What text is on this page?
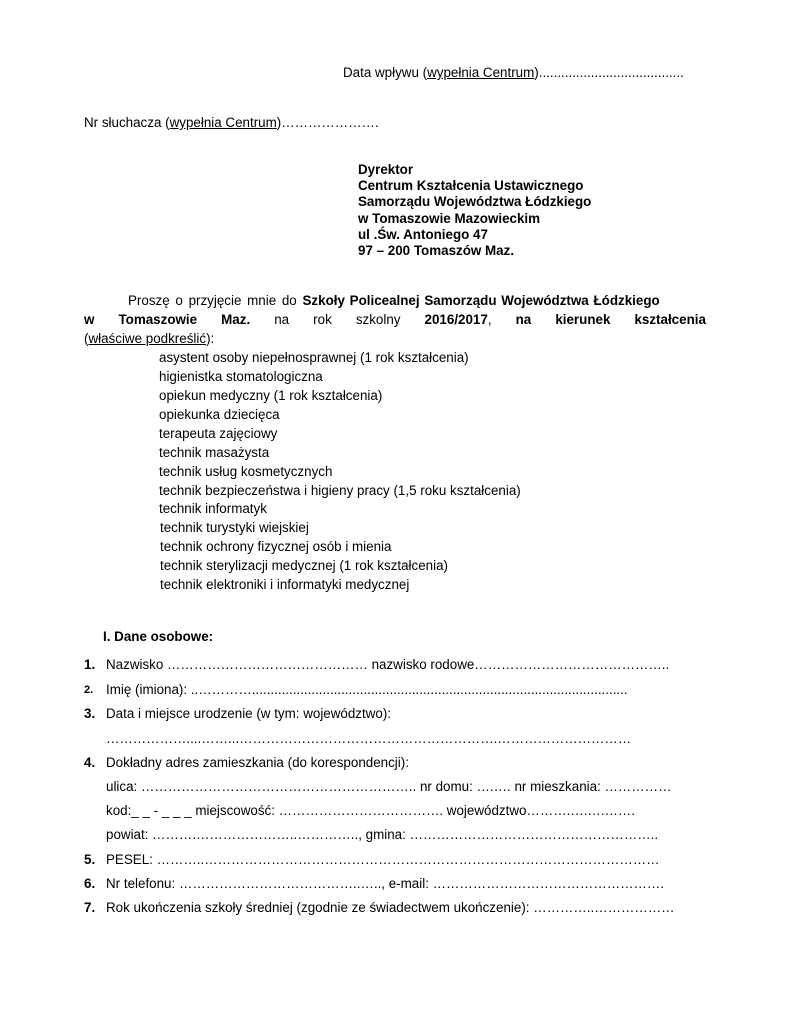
Data wpływu (wypełnia Centrum).......................................
Nr słuchacza (wypełnia Centrum)………………….
Dyrektor
Centrum Kształcenia Ustawicznego
Samorządu Województwa Łódzkiego
w Tomaszowie Mazowieckim
ul .Św. Antoniego 47
97 – 200 Tomaszów Maz.
Proszę o przyjęcie mnie do Szkoły Policealnej Samorządu Województwa Łódzkiego
w Tomaszowie Maz. na rok szkolny 2016/2017, na kierunek kształcenia
(właściwe podkreślić):
asystent osoby niepełnosprawnej (1 rok kształcenia)
higienistka stomatologiczna
opiekun medyczny (1 rok kształcenia)
opiekunka dziecięca
terapeuta zajęciowy
technik masażysta
technik usług kosmetycznych
technik bezpieczeństwa i higieny pracy (1,5 roku kształcenia)
technik informatyk
technik turystyki wiejskiej
technik ochrony fizycznej osób i mienia
technik sterylizacji medycznej (1 rok kształcenia)
technik elektroniki i informatyki medycznej
I. Dane osobowe:
1. Nazwisko ……………………………………… nazwisko rodowe……………………………………..
2. Imię (imiona): ..………….....................................................................................................
3. Data i miejsce urodzenie (w tym: województwo):
………………....……...………………………………………………….…………………………
4. Dokładny adres zamieszkania (do korespondencji):
ulica: …………………………………………………….. nr domu: ….…. nr mieszkania: ……………
kod:_ _ - _ _ _ miejscowość: ………………………………. województwo……….….….…….
powiat: ……….…………………..………….., gmina: ………………………………………………..
5. PESEL: ………..…………………………………………………………………………………………
6. Nr telefonu: …………………………………..….., e-mail: …………………………………………….
7. Rok ukończenia szkoły średniej (zgodnie ze świadectwem ukończenie): …………..………………
